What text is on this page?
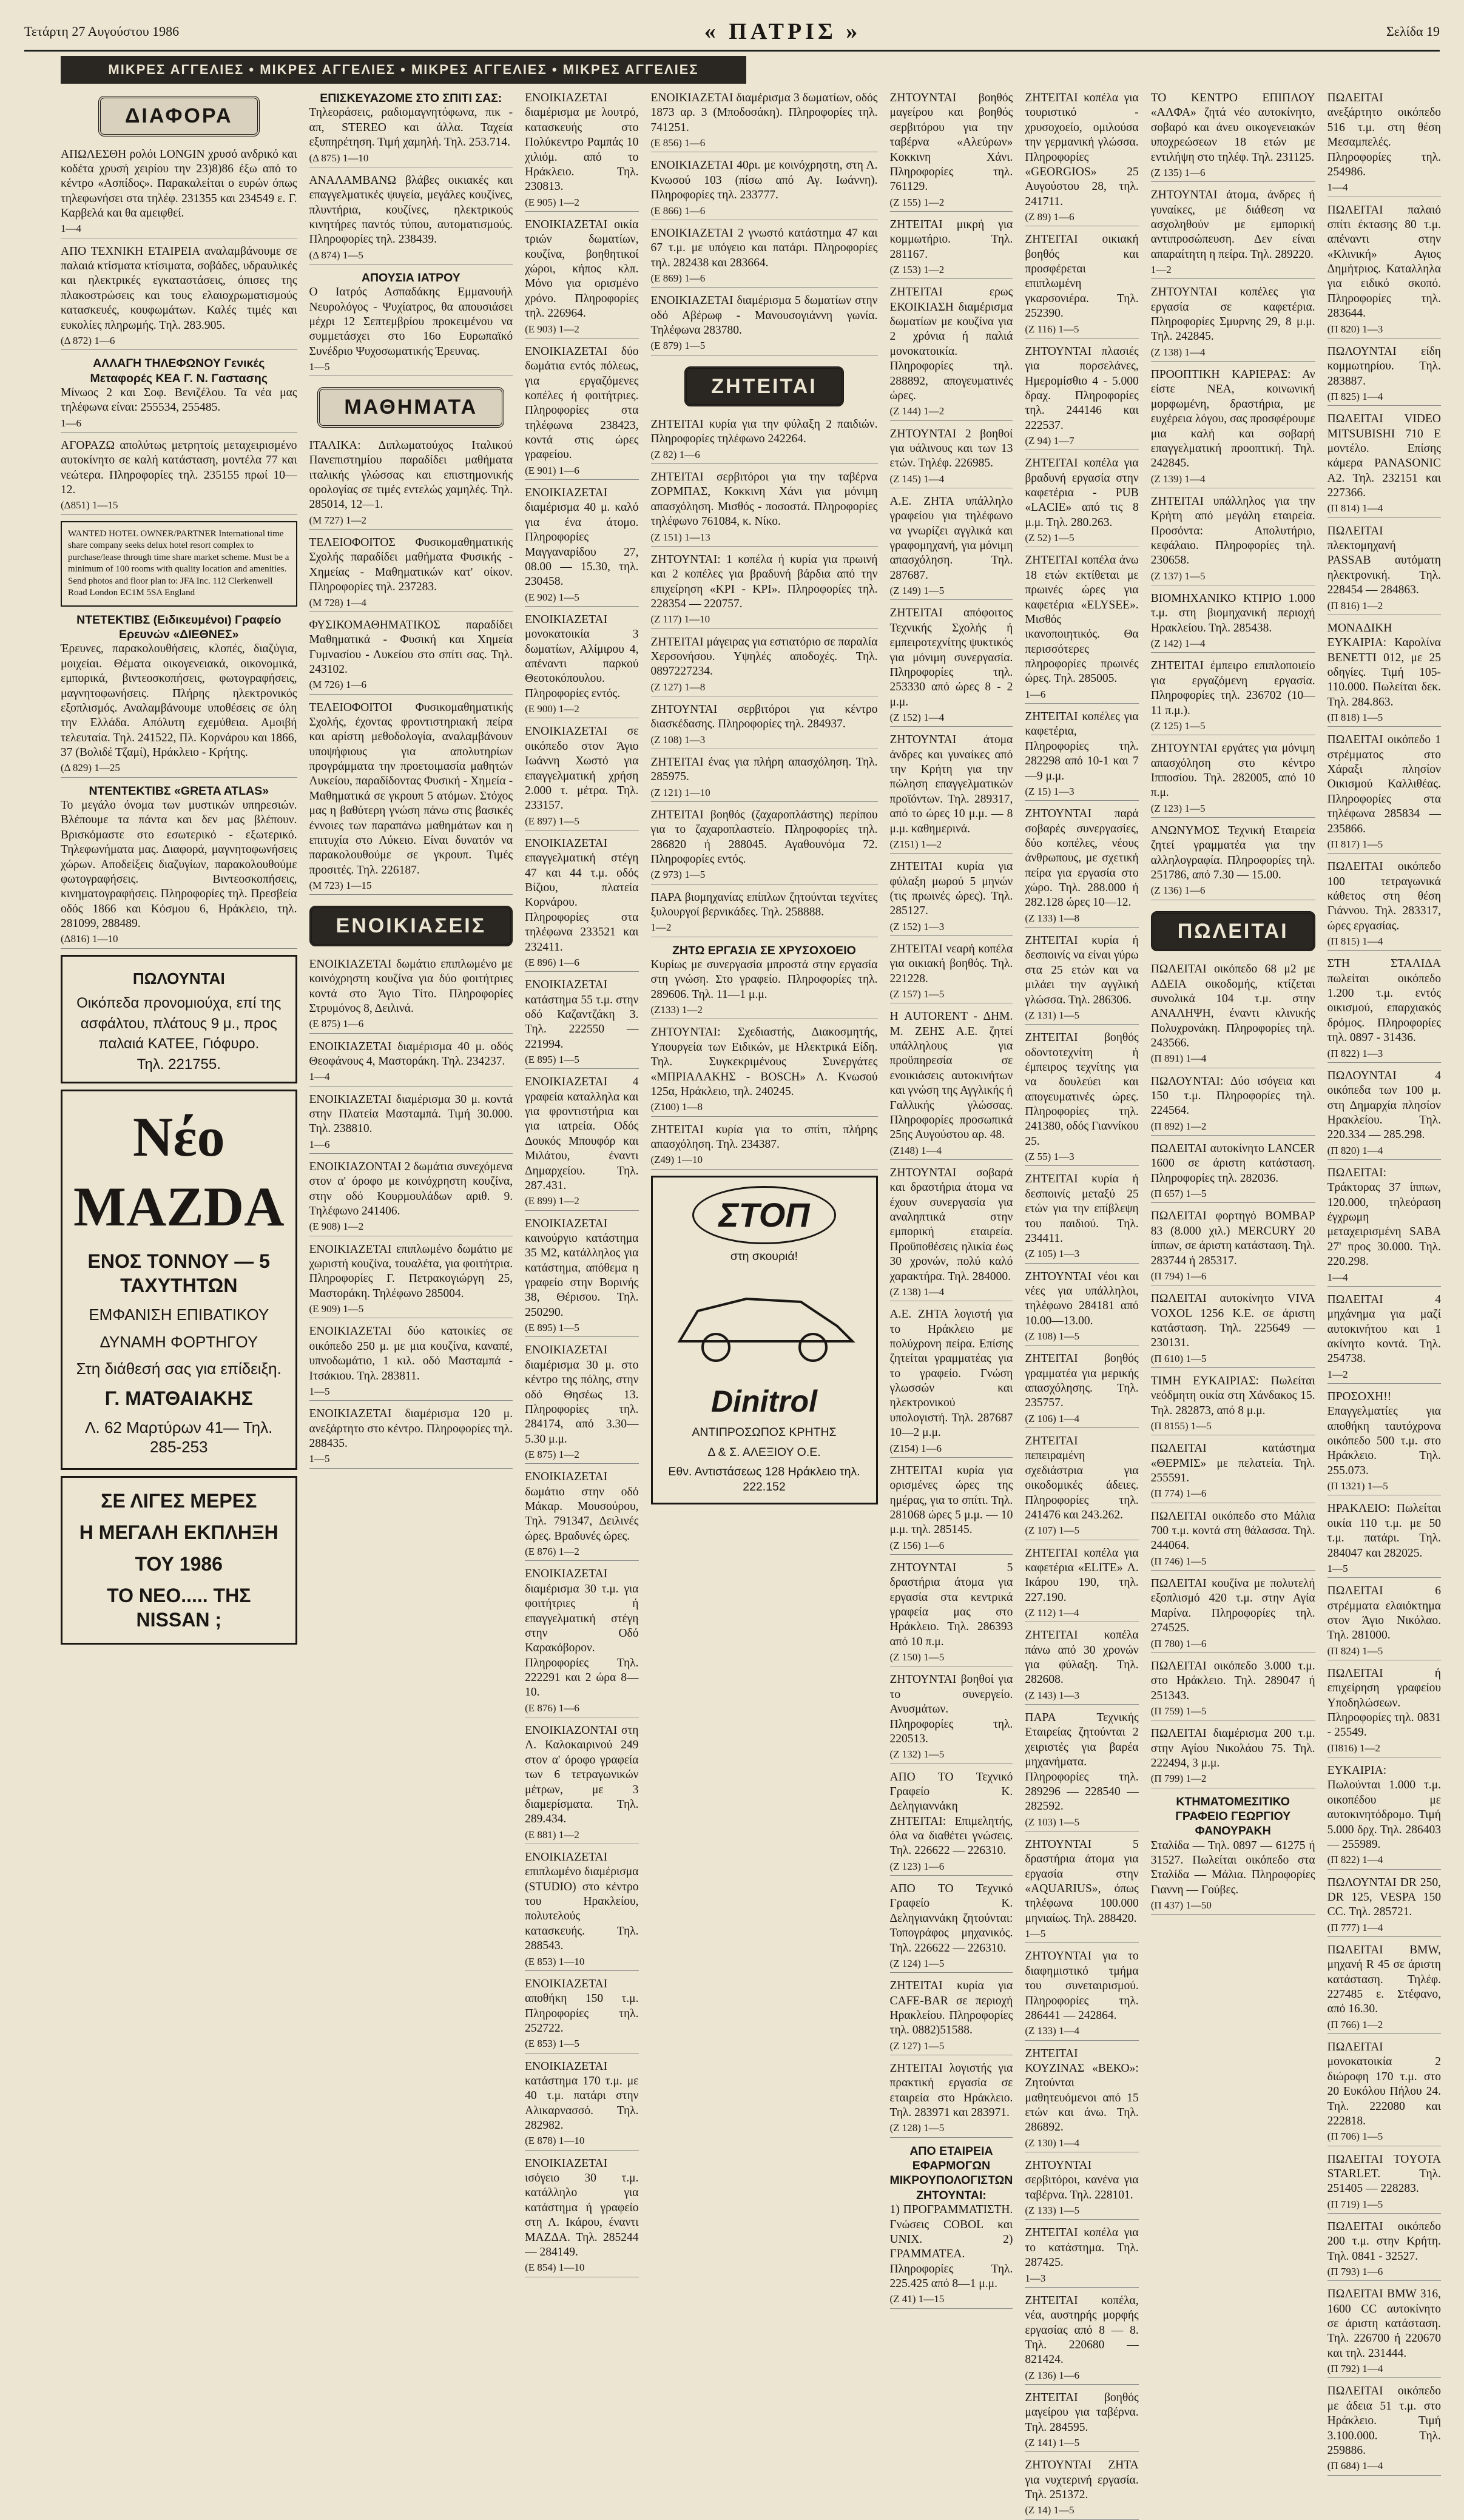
Τετάρτη 27 Αυγούστου 1986	« ΠΑΤΡΙΣ »	Σελίδα 19
ΜΙΚΡΕΣ ΑΓΓΕΛΙΕΣ • ΜΙΚΡΕΣ ΑΓΓΕΛΙΕΣ • ΜΙΚΡΕΣ ΑΓΓΕΛΙΕΣ • ΜΙΚΡΕΣ ΑΓΓΕΛΙΕΣ
ΔΙΑΦΟΡΑ
ΑΠΩΛΕΣΘΗ ρολόι LONGIN χρυσό ανδρικό και κοδέτα χρυσή χειρίου την 23)8)86 έξω από το κέντρο «Ασπίδος». Παρακαλείται ο ευρών όπως τηλεφωνήσει στα τηλέφ. 231355 και 234549 ε. Γ. Καρβελά και θα αμειφθεί.
1—4
ΑΠΟ ΤΕΧΝΙΚΗ ΕΤΑΙΡΕΙΑ αναλαμβάνουμε σε παλαιά κτίσματα κτίσιματα, σοβάδες, υδραυλικές και ηλεκτρικές εγκαταστάσεις, όπισες της πλακοστρώσεις και τους ελαιοχρωματισμούς κατασκευές, κουφωμάτων. Καλές τιμές και ευκολίες πληρωμής. Τηλ. 283.905.
(Δ 872) 1—6
ΑΛΛΑΓΗ ΤΗΛΕΦΩΝΟΥ Γενικές Μεταφορές ΚΕΑ Γ. Ν. Γαστασης
Μίνωος 2 και Σοφ. Βενιζέλου. Τα νέα μας τηλέφωνα είναι: 255534, 255485.
1—6
ΑΓΟΡΑΖΩ απολύτως μετρητοίς μεταχειρισμένο αυτοκίνητο σε καλή κατάσταση, μοντέλα 77 και νεώτερα. Πληροφορίες τηλ. 235155 πρωί 10—12.
(Δ851) 1—15
WANTED HOTEL OWNER/PARTNER International time share company seeks delux hotel resort complex to purchase/lease through time share market scheme. Must be a minimum of 100 rooms with quality location and amenities. Send photos and floor plan to: JFA Inc. 112 Clerkenwell Road London EC1M 5SA England
ΝΤΕΤΕΚΤΙΒΣ (Ειδικευμένοι) Γραφείο Ερευνών «ΔΙΕΘΝΕΣ»
Έρευνες, παρακολουθήσεις, κλοπές, διαζύγια, μοιχείαι. Θέματα οικογενειακά, οικονομικά, εμπορικά, βιντεοσκοπήσεις, φωτογραφήσεις, μαγνητοφωνήσεις. Πλήρης ηλεκτρονικός εξοπλισμός. Αναλαμβάνουμε υποθέσεις σε όλη την Ελλάδα. Απόλυτη εχεμύθεια. Αμοιβή τελευταία. Τηλ. 241522, Πλ. Κορνάρου και 1866, 37 (Βολιδέ Τζαμί), Ηράκλειο - Κρήτης.
(Δ 829) 1—25
ΝΤΕΝΤΕΚΤΙΒΣ «GRETA ATLAS»
Το μεγάλο όνομα των μυστικών υπηρεσιών. Βλέπουμε τα πάντα και δεν μας βλέπουν. Βρισκόμαστε στο εσωτερικό - εξωτερικό. Τηλεφωνήματα μας. Διαφορά, μαγνητοφωνήσεις χώρων. Αποδείξεις διαζυγίων, παρακολουθούμε φωτογραφήσεις. Βιντεοσκοπήσεις, κινηματογραφήσεις. Πληροφορίες τηλ. Πρεσβεία οδός 1866 και Κόσμου 6, Ηράκλειο, τηλ. 281099, 288489.
(Δ816) 1—10
ΠΩΛΟΥΝΤΑΙ
Οικόπεδα προνομιούχα, επί της ασφάλτου, πλάτους 9 μ., προς παλαιά ΚΑΤΕΕ, Γιόφυρο.
Τηλ. 221755.
Νέο MAZDA
ΕΝΟΣ ΤΟΝΝΟΥ — 5 ΤΑΧΥΤΗΤΩΝ
ΕΜΦΑΝΙΣΗ ΕΠΙΒΑΤΙΚΟΥ
ΔΥΝΑΜΗ ΦΟΡΤΗΓΟΥ
Στη διάθεσή σας για επίδειξη.
Γ. ΜΑΤΘΑΙΑΚΗΣ
Λ. 62 Μαρτύρων 41— Τηλ. 285-253
ΣΕ ΛΙΓΕΣ ΜΕΡΕΣ
Η ΜΕΓΑΛΗ ΕΚΠΛΗΞΗ
ΤΟΥ 1986
ΤΟ ΝΕΟ..... ΤΗΣ NISSAN ;
ΕΠΙΣΚΕΥΑΖΟΜΕ ΣΤΟ ΣΠΙΤΙ ΣΑΣ:
Τηλεοράσεις, ραδιομαγνητόφωνα, πικ - απ, STEREO και άλλα. Ταχεία εξυπηρέτηση. Τιμή χαμηλή. Τηλ. 253.714.
(Δ 875) 1—10
ΑΝΑΛΑΜΒΑΝΩ βλάβες οικιακές και επαγγελματικές ψυγεία, μεγάλες κουζίνες, πλυντήρια, κουζίνες, ηλεκτρικούς κινητήρες παντός τύπου, αυτοματισμούς. Πληροφορίες τηλ. 238439.
(Δ 874) 1—5
ΑΠΟΥΣΙΑ ΙΑΤΡΟΥ
Ο Ιατρός Ασπαδάκης Εμμανουήλ Νευρολόγος - Ψυχίατρος, θα απουσιάσει μέχρι 12 Σεπτεμβρίου προκειμένου να συμμετάσχει στο 16ο Ευρωπαϊκό Συνέδριο Ψυχοσωματικής Έρευνας.
1—5
ΜΑΘΗΜΑΤΑ
ΙΤΑΛΙΚΑ: Διπλωματούχος Ιταλικού Πανεπιστημίου παραδίδει μαθήματα ιταλικής γλώσσας και επιστημονικής ορολογίας σε τιμές εντελώς χαμηλές. Τηλ. 285014, 12—1.
(Μ 727) 1—2
ΤΕΛΕΙΟΦΟΙΤΟΣ Φυσικομαθηματικής Σχολής παραδίδει μαθήματα Φυσικής - Χημείας - Μαθηματικών κατ' οίκον. Πληροφορίες τηλ. 237283.
(Μ 728) 1—4
ΦΥΣΙΚΟΜΑΘΗΜΑΤΙΚΟΣ παραδίδει Μαθηματικά - Φυσική και Χημεία Γυμνασίου - Λυκείου στο σπίτι σας. Τηλ. 243102.
(Μ 726) 1—6
ΤΕΛΕΙΟΦΟΙΤΟΙ Φυσικομαθηματικής Σχολής, έχοντας φροντιστηριακή πείρα και αρίστη μεθοδολογία, αναλαμβάνουν υποψήφιους για απολυτηρίων προγράμματα την προετοιμασία μαθητών Λυκείου, παραδίδοντας Φυσική - Χημεία - Μαθηματικά σε γκρουπ 5 ατόμων. Στόχος μας η βαθύτερη γνώση πάνω στις βασικές έννοιες των παραπάνω μαθημάτων και η επιτυχία στο Λύκειο. Είναι δυνατόν να παρακολουθούμε σε γκρουπ. Τιμές προσιτές. Τηλ. 226187.
(Μ 723) 1—15
ΕΝΟΙΚΙΑΣΕΙΣ
ΕΝΟΙΚΙΑΖΕΤΑΙ δωμάτιο επιπλωμένο με κοινόχρηστη κουζίνα για δύο φοιτήτριες κοντά στο Άγιο Τίτο. Πληροφορίες Στρυμόνος 8, Δειλινά.
(Ε 875) 1—6
ΕΝΟΙΚΙΑΖΕΤΑΙ διαμέρισμα 40 μ. οδός Θεοφάνους 4, Μαστοράκη. Τηλ. 234237.
1—4
ΕΝΟΙΚΙΑΖΕΤΑΙ διαμέρισμα 30 μ. κοντά στην Πλατεία Μασταμπά. Τιμή 30.000. Τηλ. 238810.
1—6
ΕΝΟΙΚΙΑΖΟΝΤΑΙ 2 δωμάτια συνεχόμενα στον α' όροφο με κοινόχρηστη κουζίνα, στην οδό Κουρμουλάδων αριθ. 9. Τηλέφωνο 241406.
(Ε 908) 1—2
ΕΝΟΙΚΙΑΖΕΤΑΙ επιπλωμένο δωμάτιο με χωριστή κουζίνα, τουαλέτα, για φοιτήτρια. Πληροφορίες Γ. Πετρακογιώργη 25, Μαστοράκη. Τηλέφωνο 285004.
(Ε 909) 1—5
ΕΝΟΙΚΙΑΖΕΤΑΙ δύο κατοικίες σε οικόπεδο 250 μ. με μια κουζίνα, καναπέ, υπνοδωμάτιο, 1 κιλ. οδό Μασταμπά - Ιτσάκιου. Τηλ. 283811.
1—5
ΕΝΟΙΚΙΑΖΕΤΑΙ διαμέρισμα 120 μ. ανεξάρτητο στο κέντρο. Πληροφορίες τηλ. 288435.
1—5
ΕΝΟΙΚΙΑΖΕΤΑΙ διαμέρισμα με λουτρό, κατασκευής στο Πολύκεντρο Ραμπάς 10 χιλιόμ. από το Ηράκλειο. Τηλ. 230813.
(Ε 905) 1—2
ΕΝΟΙΚΙΑΖΕΤΑΙ οικία τριών δωματίων, κουζίνα, βοηθητικοί χώροι, κήπος κλπ. Μόνο για ορισμένο χρόνο. Πληροφορίες τηλ. 226964.
(Ε 903) 1—2
ΕΝΟΙΚΙΑΖΕΤΑΙ δύο δωμάτια εντός πόλεως, για εργαζόμενες κοπέλες ή φοιτήτριες. Πληροφορίες στα τηλέφωνα 238423, κοντά στις ώρες γραφείου.
(Ε 901) 1—6
ΕΝΟΙΚΙΑΖΕΤΑΙ διαμέρισμα 40 μ. καλό για ένα άτομο. Πληροφορίες Μαγγαναρίδου 27, 08.00 — 15.30, τηλ. 230458.
(Ε 902) 1—5
ΕΝΟΙΚΙΑΖΕΤΑΙ μονοκατοικία 3 δωματίων, Αλίμιρου 4, απέναντι παρκού Θεοτοκόπουλου. Πληροφορίες εντός.
(Ε 900) 1—2
ΕΝΟΙΚΙΑΖΕΤΑΙ σε οικόπεδο στον Άγιο Ιωάννη Χωστό για επαγγελματική χρήση 2.000 τ. μέτρα. Τηλ. 233157.
(Ε 897) 1—5
ΕΝΟΙΚΙΑΖΕΤΑΙ επαγγελματική στέγη 47 και 44 τ.μ. οδός Βίζιου, πλατεία Κορνάρου. Πληροφορίες στα τηλέφωνα 233521 και 232411.
(Ε 896) 1—6
ΕΝΟΙΚΙΑΖΕΤΑΙ κατάστημα 55 τ.μ. στην οδό Καζαντζάκη 3. Τηλ. 222550 — 221994.
(Ε 895) 1—5
ΕΝΟΙΚΙΑΖΕΤΑΙ 4 γραφεία καταλληλα και για φροντιστήρια και για ιατρεία. Οδός Δουκός Μπουφόρ και Μιλάτου, έναντι Δημαρχείου. Τηλ. 287.431.
(Ε 899) 1—2
ΕΝΟΙΚΙΑΖΕΤΑΙ καινούργιο κατάστημα 35 Μ2, κατάλληλος για κατάστημα, απόθεμα η γραφείο στην Βορινής 38, Θέρισου. Τηλ. 250290.
(Ε 895) 1—5
ΕΝΟΙΚΙΑΖΕΤΑΙ διαμέρισμα 30 μ. στο κέντρο της πόλης, στην οδό Θησέως 13. Πληροφορίες τηλ. 284174, από 3.30—5.30 μ.μ.
(Ε 875) 1—2
ΕΝΟΙΚΙΑΖΕΤΑΙ δωμάτιο στην οδό Μάκαρ. Μουσούρου, Τηλ. 791347, Δειλινές ώρες. Βραδυνές ώρες.
(Ε 876) 1—2
ΕΝΟΙΚΙΑΖΕΤΑΙ διαμέρισμα 30 τ.μ. για φοιτήτριες ή επαγγελματική στέγη στην Οδό Καρακόβορον. Πληροφορίες Τηλ. 222291 και 2 ώρα 8—10.
(Ε 876) 1—6
ΕΝΟΙΚΙΑΖΟΝΤΑΙ στη Λ. Καλοκαιρινού 249 στον α' όροφο γραφεία των 6 τετραγωνικών μέτρων, με 3 διαμερίσματα. Τηλ. 289.434.
(Ε 881) 1—2
ΕΝΟΙΚΙΑΖΕΤΑΙ επιπλωμένο διαμέρισμα (STUDIO) στο κέντρο του Ηρακλείου, πολυτελούς κατασκευής. Τηλ. 288543.
(Ε 853) 1—10
ΕΝΟΙΚΙΑΖΕΤΑΙ αποθήκη 150 τ.μ. Πληροφορίες τηλ. 252722.
(Ε 853) 1—5
ΕΝΟΙΚΙΑΖΕΤΑΙ κατάστημα 170 τ.μ. με 40 τ.μ. πατάρι στην Αλικαρνασσό. Τηλ. 282982.
(Ε 878) 1—10
ΕΝΟΙΚΙΑΖΕΤΑΙ ισόγειο 30 τ.μ. κατάλληλο για κατάστημα ή γραφείο στη Λ. Ικάρου, έναντι ΜΑΖΔΑ. Τηλ. 285244 — 284149.
(Ε 854) 1—10
ΕΝΟΙΚΙΑΖΕΤΑΙ διαμέρισμα 3 δωματίων, οδός 1873 αρ. 3 (Μποδοσάκη). Πληροφορίες τηλ. 741251.
(Ε 856) 1—6
ΕΝΟΙΚΙΑΖΕΤΑΙ 40ρι. με κοινόχρηστη, στη Λ. Κνωσού 103 (πίσω από Αγ. Ιωάννη). Πληροφορίες τηλ. 233777.
(Ε 866) 1—6
ΕΝΟΙΚΙΑΖΕΤΑΙ 2 γνωστό κατάστημα 47 και 67 τ.μ. με υπόγειο και πατάρι. Πληροφορίες τηλ. 282438 και 283664.
(Ε 869) 1—6
ΕΝΟΙΚΙΑΖΕΤΑΙ διαμέρισμα 5 δωματίων στην οδό Αβέρωφ - Μανουσογιάννη γωνία. Τηλέφωνα 283780.
(Ε 879) 1—5
ΖΗΤΕΙΤΑΙ
ΖΗΤΕΙΤΑΙ κυρία για την φύλαξη 2 παιδιών. Πληροφορίες τηλέφωνο 242264.
(Z 82) 1—6
ΖΗΤΕΙΤΑΙ σερβιτόροι για την ταβέρνα ΖΟΡΜΠΑΣ, Κοκκινη Χάνι για μόνιμη απασχόληση. Μισθός - ποσοστά. Πληροφορίες τηλέφωνο 761084, κ. Νίκο.
(Z 151) 1—13
ΖΗΤΟΥΝΤΑΙ: 1 κοπέλα ή κυρία για πρωινή και 2 κοπέλες για βραδυνή βάρδια από την επιχείρηση «KPI - KPI». Πληροφορίες τηλ. 228354 — 220757.
(Z 117) 1—10
ΖΗΤΕΙΤΑΙ μάγειρας για εστιατόριο σε παραλία Χερσονήσου. Υψηλές αποδοχές. Τηλ. 0897227234.
(Z 127) 1—8
ΖΗΤΟΥΝΤΑΙ σερβιτόροι για κέντρο διασκέδασης. Πληροφορίες τηλ. 284937.
(Z 108) 1—3
ΖΗΤΕΙΤΑΙ ένας για πλήρη απασχόληση. Τηλ. 285975.
(Z 121) 1—10
ΖΗΤΕΙΤΑΙ βοηθός (ζαχαροπλάστης) περίπου για το ζαχαροπλαστείο. Πληροφορίες τηλ. 286820 ή 288045. Αγαθουνόμα 72. Πληροφορίες εντός.
(Z 973) 1—5
ΠΑΡΑ βιομηχανίας επίπλων ζητούνται τεχνίτες ξυλουργοί βερνικάδες. Τηλ. 258888.
1—2
ΖΗΤΩ ΕΡΓΑΣΙΑ ΣΕ ΧΡΥΣΟΧΟΕΙΟ
Κυρίως με συνεργασία μπροστά στην εργασία στη γνώση. Στο γραφείο. Πληροφορίες τηλ. 289606. Τηλ. 11—1 μ.μ.
(Z133) 1—2
ΖΗΤΟΥΝΤΑΙ: Σχεδιαστής, Διακοσμητής, Υπουργεία των Ειδικών, με Ηλεκτρικά Είδη. Τηλ. Συγκεκριμένους Συνεργάτες «ΜΠΡΙΑΛΑΚΗΣ - BOSCH» Λ. Κνωσού 125α, Ηράκλειο, τηλ. 240245.
(Z100) 1—8
ΖΗΤΕΙΤΑΙ κυρία για το σπίτι, πλήρης απασχόληση. Τηλ. 234387.
(Z49) 1—10
ΣΤΟΠ
στη σκουριά!
Dinitrol
ΑΝΤΙΠΡΟΣΩΠΟΣ ΚΡΗΤΗΣ
Δ & Σ. ΑΛΕΞΙΟΥ Ο.Ε.
Εθν. Αντιστάσεως 128 Ηράκλειο τηλ. 222.152
ΖΗΤΟΥΝΤΑΙ βοηθός μαγείρου και βοηθός σερβιτόρου για την ταβέρνα «Αλεύρων» Κοκκινη Χάνι. Πληροφορίες τηλ. 761129.
(Z 155) 1—2
ΖΗΤΕΙΤΑΙ μικρή για κομμωτήριο. Τηλ. 281167.
(Z 153) 1—2
ΖΗΤΕΙΤΑΙ ερως ΕΚΟΙΚΙΑΣΗ διαμέρισμα δωματίων με κουζίνα για 2 χρόνια ή παλιά μονοκατοικία. Πληροφορίες τηλ. 288892, απογευματινές ώρες.
(Z 144) 1—2
ΖΗΤΟΥΝΤΑΙ 2 βοηθοί για υάλινους και των 13 ετών. Τηλέφ. 226985.
(Z 145) 1—4
Α.Ε. ΖΗΤΑ υπάλληλο γραφείου για τηλέφωνο να γνωρίζει αγγλικά και γραφομηχανή, για μόνιμη απασχόληση. Τηλ. 287687.
(Z 149) 1—5
ΖΗΤΕΙΤΑΙ απόφοιτος Τεχνικής Σχολής ή εμπειροτεχνίτης ψυκτικός για μόνιμη συνεργασία. Πληροφορίες τηλ. 253330 από ώρες 8 - 2 μ.μ.
(Z 152) 1—4
ΖΗΤΟΥΝΤΑΙ άτομα άνδρες και γυναίκες από την Κρήτη για την πώληση επαγγελματικών προϊόντων. Τηλ. 289317, από το ώρες 10 μ.μ. — 8 μ.μ. καθημερινά.
(Z151) 1—2
ΖΗΤΕΙΤΑΙ κυρία για φύλαξη μωρού 5 μηνών (τις πρωινές ώρες). Τηλ. 285127.
(Z 152) 1—3
ΖΗΤΕΙΤΑΙ νεαρή κοπέλα για οικιακή βοηθός. Τηλ. 221228.
(Z 157) 1—5
Η AUTORENT - ΔΗΜ. Μ. ΖΕΗΣ Α.Ε. ζητεί υπάλληλους για προϋπηρεσία σε ενοικιάσεις αυτοκινήτων και γνώση της Αγγλικής ή Γαλλικής γλώσσας. Πληροφορίες προσωπικά 25ης Αυγούστου αρ. 48.
(Z148) 1—4
ΖΗΤΟΥΝΤΑΙ σοβαρά και δραστήρια άτομα να έχουν συνεργασία για αναληπτικά στην εμπορική εταιρεία. Προϋποθέσεις ηλικία έως 30 χρονών, πολύ καλό χαρακτήρα. Τηλ. 284000.
(Z 138) 1—4
Α.Ε. ΖΗΤΑ λογιστή για το Ηράκλειο με πολύχρονη πείρα. Επίσης ζητείται γραμματέας για το γραφείο. Γνώση γλωσσών και ηλεκτρονικού υπολογιστή. Τηλ. 287687 10—2 μ.μ.
(Z154) 1—6
ΖΗΤΕΙΤΑΙ κυρία για ορισμένες ώρες της ημέρας, για το σπίτι. Τηλ. 281068 ώρες 5 μ.μ. — 10 μ.μ. τηλ. 285145.
(Z 156) 1—6
ΖΗΤΟΥΝΤΑΙ 5 δραστήρια άτομα για εργασία στα κεντρικά γραφεία μας στο Ηράκλειο. Τηλ. 286393 από 10 π.μ.
(Z 150) 1—5
ΖΗΤΟΥΝΤΑΙ βοηθοί για το συνεργείο. Ανυσμάτων. Πληροφορίες τηλ. 220513.
(Z 132) 1—5
ΑΠΟ ΤΟ Τεχνικό Γραφείο Κ. Δεληγιαννάκη ΖΗΤΕΙΤΑΙ: Επιμελητής, όλα να διαθέτει γνώσεις. Τηλ. 226622 — 226310.
(Z 123) 1—6
ΑΠΟ ΤΟ Τεχνικό Γραφείο Κ. Δεληγιαννάκη ζητούνται: Τοπογράφος μηχανικός. Τηλ. 226622 — 226310.
(Z 124) 1—5
ΖΗΤΕΙΤΑΙ κυρία για CAFE-BAR σε περιοχή Ηρακλείου. Πληροφορίες τηλ. 0882)51588.
(Z 127) 1—5
ΖΗΤΕΙΤΑΙ λογιστής για πρακτική εργασία σε εταιρεία στο Ηράκλειο. Τηλ. 283971 και 283971.
(Z 128) 1—5
ΑΠΟ ΕΤΑΙΡΕΙΑ ΕΦΑΡΜΟΓΩΝ ΜΙΚΡΟΥΠΟΛΟΓΙΣΤΩΝ ΖΗΤΟΥΝΤΑΙ:
1) ΠΡΟΓΡΑΜΜΑΤΙΣΤΗ. Γνώσεις COBOL και UNIX. 2) ΓΡΑΜΜΑΤΕΑ. Πληροφορίες Τηλ. 225.425 από 8—1 μ.μ.
(Z 41) 1—15
ΖΗΤΕΙΤΑΙ κοπέλα για τουριστικό - χρυσοχοείο, ομιλούσα την γερμανική γλώσσα. Πληροφορίες «GEORGIOS» 25 Αυγούστου 28, τηλ. 241711.
(Z 89) 1—6
ΖΗΤΕΙΤΑΙ οικιακή βοηθός και προσφέρεται επιπλωμένη γκαρσονιέρα. Τηλ. 252390.
(Z 116) 1—5
ΖΗΤΟΥΝΤΑΙ πλασιές για πορσελάνες, Ημερομίσθιο 4 - 5.000 δραχ. Πληροφορίες τηλ. 244146 και 222537.
(Z 94) 1—7
ΖΗΤΕΙΤΑΙ κοπέλα για βραδυνή εργασία στην καφετέρια - PUB «LACIE» από τις 8 μ.μ. Τηλ. 280.263.
(Z 52) 1—5
ΖΗΤΕΙΤΑΙ κοπέλα άνω 18 ετών εκτίθεται με πρωινές ώρες για καφετέρια «ELYSEE». Μισθός ικανοποιητικός. Θα περισσότερες πληροφορίες πρωινές ώρες. Τηλ. 285005.
1—6
ΖΗΤΕΙΤΑΙ κοπέλες για καφετέρια, Πληροφορίες τηλ. 282298 από 10-1 και 7—9 μ.μ.
(Z 15) 1—3
ΖΗΤΟΥΝΤΑΙ παρά σοβαρές συνεργασίες, δύο κοπέλες, νέους άνθρωπους, με σχετική πείρα για εργασία στο χώρο. Τηλ. 288.000 ή 282.128 ώρες 10—12.
(Z 133) 1—8
ΖΗΤΕΙΤΑΙ κυρία ή δεσποινίς να είναι γύρω στα 25 ετών και να μιλάει την αγγλική γλώσσα. Τηλ. 286306.
(Z 131) 1—5
ΖΗΤΕΙΤΑΙ βοηθός οδοντοτεχνίτη ή έμπειρος τεχνίτης για να δουλεύει και απογευματινές ώρες. Πληροφορίες τηλ. 241380, οδός Γιαννίκου 25.
(Z 55) 1—3
ΖΗΤΕΙΤΑΙ κυρία ή δεσποινίς μεταξύ 25 ετών για την επίβλεψη του παιδιού. Τηλ. 234411.
(Z 105) 1—3
ΖΗΤΟΥΝΤΑΙ νέοι και νέες για υπάλληλοι, τηλέφωνο 284181 από 10.00—13.00.
(Z 108) 1—5
ΖΗΤΕΙΤΑΙ βοηθός γραμματέα για μερικής απασχόλησης. Τηλ. 235757.
(Z 106) 1—4
ΖΗΤΕΙΤΑΙ πεπειραμένη σχεδιάστρια για οικοδομικές άδειες. Πληροφορίες τηλ. 241476 και 243.262.
(Z 107) 1—5
ΖΗΤΕΙΤΑΙ κοπέλα για καφετέρια «ELITE» Λ. Ικάρου 190, τηλ. 227.190.
(Z 112) 1—4
ΖΗΤΕΙΤΑΙ κοπέλα πάνω από 30 χρονών για φύλαξη. Τηλ. 282608.
(Z 143) 1—3
ΠΑΡΑ Τεχνικής Εταιρείας ζητούνται 2 χειριστές για βαρέα μηχανήματα. Πληροφορίες τηλ. 289296 — 228540 — 282592.
(Z 103) 1—5
ΖΗΤΟΥΝΤΑΙ 5 δραστήρια άτομα για εργασία στην «AQUARIUS», όπως τηλέφωνα 100.000 μηνιαίως. Τηλ. 288420.
1—5
ΖΗΤΟΥΝΤΑΙ για το διαφημιστικό τμήμα του συνεταιρισμού. Πληροφορίες τηλ. 286441 — 242864.
(Z 133) 1—4
ΖΗΤΕΙΤΑΙ ΚΟΥΖΙΝΑΣ «ΒΕΚΟ»: Ζητούνται μαθητευόμενοι από 15 ετών και άνω. Τηλ. 286892.
(Z 130) 1—4
ΖΗΤΟΥΝΤΑΙ σερβιτόροι, κανένα για ταβέρνα. Τηλ. 228101.
(Z 133) 1—5
ΖΗΤΕΙΤΑΙ κοπέλα για το κατάστημα. Τηλ. 287425.
1—3
ΖΗΤΕΙΤΑΙ κοπέλα, νέα, αυστηρής μορφής εργασίας από 8 — 8. Τηλ. 220680 — 821424.
(Z 136) 1—6
ΖΗΤΕΙΤΑΙ βοηθός μαγείρου για ταβέρνα. Τηλ. 284595.
(Z 141) 1—5
ΖΗΤΟΥΝΤΑΙ ΖΗΤΑ για νυχτερινή εργασία. Τηλ. 251372.
(Z 14) 1—5
ΤΟ ΚΕΝΤΡΟ ΕΠΙΠΛΟΥ «ΑΛΦΑ» ζητά νέο αυτοκίνητο, σοβαρό και άνευ οικογενειακών υποχρεώσεων 18 ετών με εντιλήψη στο τηλέφ. Τηλ. 231125.
(Z 135) 1—6
ΖΗΤΟΥΝΤΑΙ άτομα, άνδρες ή γυναίκες, με διάθεση να ασχοληθούν με εμπορική αντιπροσώπευση. Δεν είναι απαραίτητη η πείρα. Τηλ. 289220.
1—2
ΖΗΤΟΥΝΤΑΙ κοπέλες για εργασία σε καφετέρια. Πληροφορίες Σμυρνης 29, 8 μ.μ. Τηλ. 242845.
(Z 138) 1—4
ΠΡΟΟΠΤΙΚΗ ΚΑΡΙΕΡΑΣ: Αν είστε ΝΕΑ, κοινωνική μορφωμένη, δραστήρια, με ευχέρεια λόγου, σας προσφέρουμε μια καλή και σοβαρή επαγγελματική προοπτική. Τηλ. 242845.
(Z 139) 1—4
ΖΗΤΕΙΤΑΙ υπάλληλος για την Κρήτη από μεγάλη εταιρεία. Προσόντα: Απολυτήριο, κεφάλαιο. Πληροφορίες τηλ. 230658.
(Z 137) 1—5
ΒΙΟΜΗΧΑΝΙΚΟ ΚΤΙΡΙΟ 1.000 τ.μ. στη βιομηχανική περιοχή Ηρακλείου. Τηλ. 285438.
(Z 142) 1—4
ΖΗΤΕΙΤΑΙ έμπειρο επιπλοποιείο για εργαζόμενη εργασία. Πληροφορίες τηλ. 236702 (10—11 π.μ.).
(Z 125) 1—5
ΖΗΤΟΥΝΤΑΙ εργάτες για μόνιμη απασχόληση στο κέντρο Ιπποσίου. Τηλ. 282005, από 10 π.μ.
(Z 123) 1—5
ΑΝΩΝΥΜΟΣ Τεχνική Εταιρεία ζητεί γραμματέα για την αλληλογραφία. Πληροφορίες τηλ. 251786, από 7.30 — 15.00.
(Z 136) 1—6
ΠΩΛΕΙΤΑΙ
ΠΩΛΕΙΤΑΙ οικόπεδο 68 μ2 με ΑΔΕΙΑ οικοδομής, κτίζεται συνολικά 104 τ.μ. στην ΑΝΑΛΗΨΗ, έναντι κλινικής Πολυχρονάκη. Πληροφορίες τηλ. 243566.
(Π 891) 1—4
ΠΩΛΟΥΝΤΑΙ: Δύο ισόγεια και 150 τ.μ. Πληροφορίες τηλ. 224564.
(Π 892) 1—2
ΠΩΛΕΙΤΑΙ αυτοκίνητο LANCER 1600 σε άριστη κατάσταση. Πληροφορίες τηλ. 282036.
(Π 657) 1—5
ΠΩΛΕΙΤΑΙ φορτηγό ΒΟΜΒΑΡ 83 (8.000 χιλ.) MERCURY 20 ίππων, σε άριστη κατάσταση. Τηλ. 283744 ή 285317.
(Π 794) 1—6
ΠΩΛΕΙΤΑΙ αυτοκίνητο VIVA VOXOL 1256 Κ.Ε. σε άριστη κατάσταση. Τηλ. 225649 — 230131.
(Π 610) 1—5
ΤΙΜΗ ΕΥΚΑΙΡΙΑΣ: Πωλείται νεόδμητη οικία στη Χάνδακος 15. Τηλ. 282873, από 8 μ.μ.
(Π 8155) 1—5
ΠΩΛΕΙΤΑΙ κατάστημα «ΘΕΡΜΙΣ» με πελατεία. Τηλ. 255591.
(Π 774) 1—6
ΠΩΛΕΙΤΑΙ οικόπεδο στο Μάλια 700 τ.μ. κοντά στη θάλασσα. Τηλ. 244064.
(Π 746) 1—5
ΠΩΛΕΙΤΑΙ κουζίνα με πολυτελή εξοπλισμό 420 τ.μ. στην Αγία Μαρίνα. Πληροφορίες τηλ. 274525.
(Π 780) 1—6
ΠΩΛΕΙΤΑΙ οικόπεδο 3.000 τ.μ. στο Ηράκλειο. Τηλ. 289047 ή 251343.
(Π 759) 1—5
ΠΩΛΕΙΤΑΙ διαμέρισμα 200 τ.μ. στην Αγίου Νικολάου 75. Τηλ. 222494, 3 μ.μ.
(Π 799) 1—2
ΚΤΗΜΑΤΟΜΕΣΙΤΙΚΟ ΓΡΑΦΕΙΟ ΓΕΩΡΓΙΟΥ ΦΑΝΟΥΡΑΚΗ
Σταλίδα — Τηλ. 0897 — 61275 ή 31527. Πωλείται οικόπεδο στα Σταλίδα — Μάλια. Πληροφορίες Γιαννη — Γούβες.
(Π 437) 1—50
ΠΩΛΕΙΤΑΙ ανεξάρτητο οικόπεδο 516 τ.μ. στη θέση Μεσαμπελές. Πληροφορίες τηλ. 254986.
1—4
ΠΩΛΕΙΤΑΙ παλαιό σπίτι έκτασης 80 τ.μ. απέναντι στην «Κλινική» Αγιος Δημήτριος. Καταλληλα για ειδικό σκοπό. Πληροφορίες τηλ. 283644.
(Π 820) 1—3
ΠΩΛΟΥΝΤΑΙ είδη κομμωτηρίου. Τηλ. 283887.
(Π 825) 1—4
ΠΩΛΕΙΤΑΙ VIDEO MITSUBISHI 710 Ε μοντέλο. Επίσης κάμερα PANASONIC A2. Τηλ. 232151 και 227366.
(Π 814) 1—4
ΠΩΛΕΙΤΑΙ πλεκτομηχανή PASSAB αυτόματη ηλεκτρονική. Τηλ. 228454 — 284863.
(Π 816) 1—2
ΜΟΝΑΔΙΚΗ ΕΥΚΑΙΡΙΑ: Καρολίνα BENETTI 012, με 25 οδηγίες. Τιμή 105-110.000. Πωλείται δεκ. Τηλ. 284.863.
(Π 818) 1—5
ΠΩΛΕΙΤΑΙ οικόπεδο 1 στρέμματος στο Χάραξι πλησίον Οικισμού Καλλιθέας. Πληροφορίες στα τηλέφωνα 285834 — 235866.
(Π 817) 1—5
ΠΩΛΕΙΤΑΙ οικόπεδο 100 τετραγωνικά κάθετος στη θέση Γιάννου. Τηλ. 283317, ώρες εργασίας.
(Π 815) 1—4
ΣΤΗ ΣΤΑΛΙΔΑ πωλείται οικόπεδο 1.200 τ.μ. εντός οικισμού, επαρχιακός δρόμος. Πληροφορίες τηλ. 0897 - 31436.
(Π 822) 1—3
ΠΩΛΟΥΝΤΑΙ 4 οικόπεδα των 100 μ. στη Δημαρχία πλησίον Ηρακλείου. Τηλ. 220.334 — 285.298.
(Π 820) 1—4
ΠΩΛΕΙΤΑΙ: Τράκτορας 37 ίππων, 120.000, τηλεόραση έγχρωμη μεταχειρισμένη SABA 27' προς 30.000. Τηλ. 220.298.
1—4
ΠΩΛΕΙΤΑΙ 4 μηχάνημα για μαζί αυτοκινήτου και 1 ακίνητο κοντά. Τηλ. 254738.
1—2
ΠΡΟΣΟΧΗ!! Επαγγελματίες για αποθήκη ταυτόχρονα οικόπεδο 500 τ.μ. στο Ηράκλειο. Τηλ. 255.073.
(Π 1321) 1—5
ΗΡΑΚΛΕΙΟ: Πωλείται οικία 110 τ.μ. με 50 τ.μ. πατάρι. Τηλ. 284047 και 282025.
1—5
ΠΩΛΕΙΤΑΙ 6 στρέμματα ελαιόκτημα στον Άγιο Νικόλαο. Τηλ. 281000.
(Π 824) 1—5
ΠΩΛΕΙΤΑΙ ή επιχείρηση γραφείου Υποδηλώσεων. Πληροφορίες τηλ. 0831 - 25549.
(Π816) 1—2
ΕΥΚΑΙΡΙΑ: Πωλούνται 1.000 τ.μ. οικοπέδου με αυτοκινητόδρομο. Τιμή 5.000 δρχ. Τηλ. 286403 — 255989.
(Π 822) 1—4
ΠΩΛΟΥΝΤΑΙ DR 250, DR 125, VESPA 150 CC. Τηλ. 285721.
(Π 777) 1—4
ΠΩΛΕΙΤΑΙ BMW, μηχανή R 45 σε άριστη κατάσταση. Τηλέφ. 227485 ε. Στέφανο, από 16.30.
(Π 766) 1—2
ΠΩΛΕΙΤΑΙ μονοκατοικία 2 διώροφη 170 τ.μ. στο 20 Ευκόλου Πήλου 24. Τηλ. 222080 και 222818.
(Π 706) 1—5
ΠΩΛΕΙΤΑΙ TOYOTA STARLET. Τηλ. 251405 — 228283.
(Π 719) 1—5
ΠΩΛΕΙΤΑΙ οικόπεδο 200 τ.μ. στην Κρήτη. Τηλ. 0841 - 32527.
(Π 793) 1—6
ΠΩΛΕΙΤΑΙ BMW 316, 1600 CC αυτοκίνητο σε άριστη κατάσταση. Τηλ. 226700 ή 220670 και τηλ. 231444.
(Π 792) 1—4
ΠΩΛΕΙΤΑΙ οικόπεδο με άδεια 51 τ.μ. στο Ηράκλειο. Τιμή 3.100.000. Τηλ. 259886.
(Π 684) 1—4
